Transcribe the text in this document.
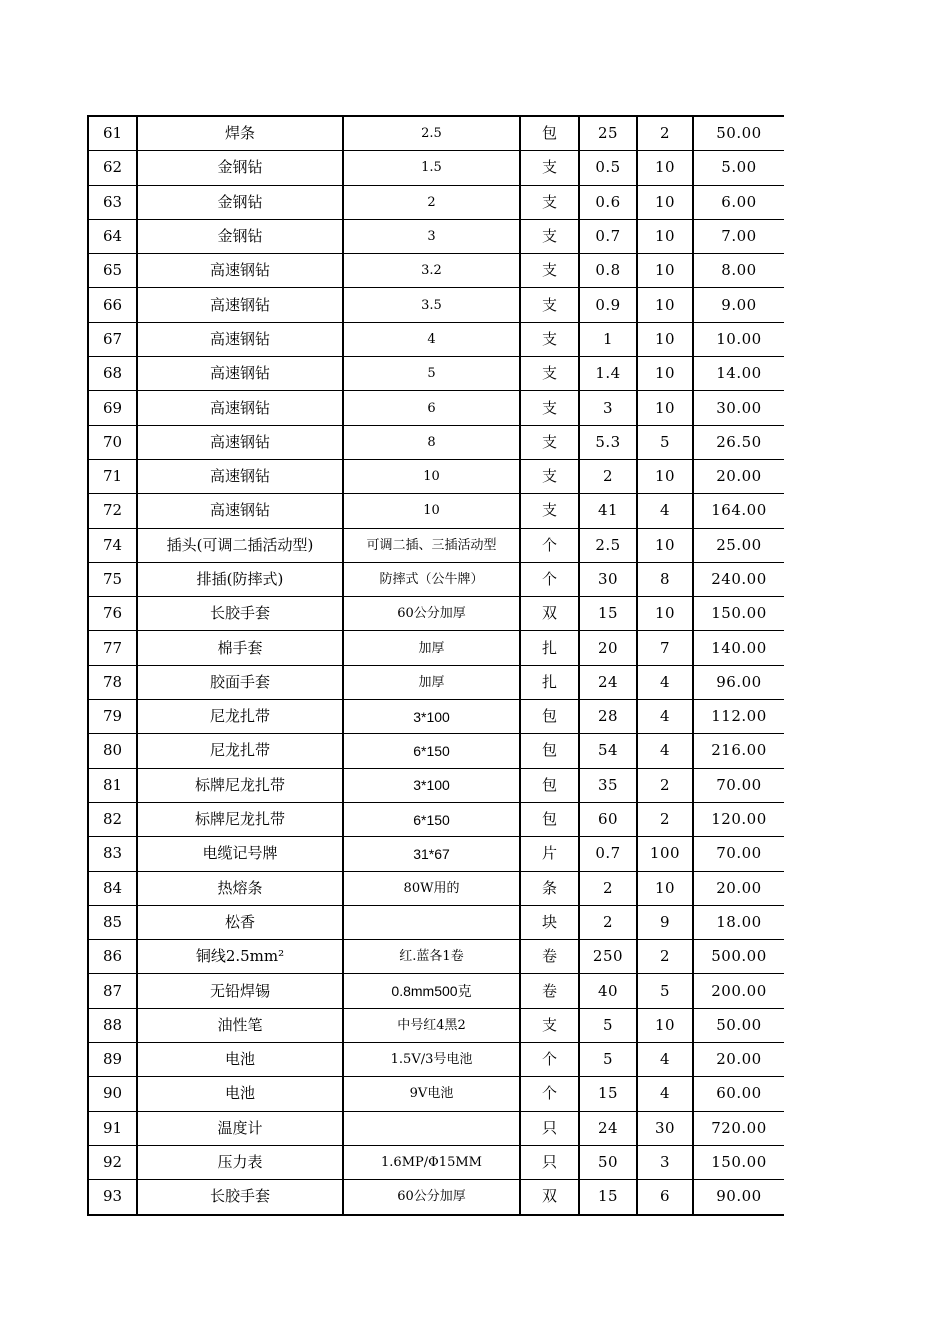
61	焊条	2.5	包	25	2	50.00
62	金钢钻	1.5	支	0.5	10	5.00
63	金钢钻	2	支	0.6	10	6.00
64	金钢钻	3	支	0.7	10	7.00
65	高速钢钻	3.2	支	0.8	10	8.00
66	高速钢钻	3.5	支	0.9	10	9.00
67	高速钢钻	4	支	1	10	10.00
68	高速钢钻	5	支	1.4	10	14.00
69	高速钢钻	6	支	3	10	30.00
70	高速钢钻	8	支	5.3	5	26.50
71	高速钢钻	10	支	2	10	20.00
72	高速钢钻	10	支	41	4	164.00
74	插头(可调二插活动型)	可调二插、三插活动型	个	2.5	10	25.00
75	排插(防摔式)	防摔式（公牛牌）	个	30	8	240.00
76	长胶手套	60公分加厚	双	15	10	150.00
77	棉手套	加厚	扎	20	7	140.00
78	胶面手套	加厚	扎	24	4	96.00
79	尼龙扎带	3*100	包	28	4	112.00
80	尼龙扎带	6*150	包	54	4	216.00
81	标牌尼龙扎带	3*100	包	35	2	70.00
82	标牌尼龙扎带	6*150	包	60	2	120.00
83	电缆记号牌	31*67	片	0.7	100	70.00
84	热熔条	80W用的	条	2	10	20.00
85	松香		块	2	9	18.00
86	铜线2.5mm²	红.蓝各1卷	卷	250	2	500.00
87	无铅焊锡	0.8mm500克	卷	40	5	200.00
88	油性笔	中号红4黑2	支	5	10	50.00
89	电池	1.5V/3号电池	个	5	4	20.00
90	电池	9V电池	个	15	4	60.00
91	温度计		只	24	30	720.00
92	压力表	1.6MP/Φ15MM	只	50	3	150.00
93	长胶手套	60公分加厚	双	15	6	90.00
